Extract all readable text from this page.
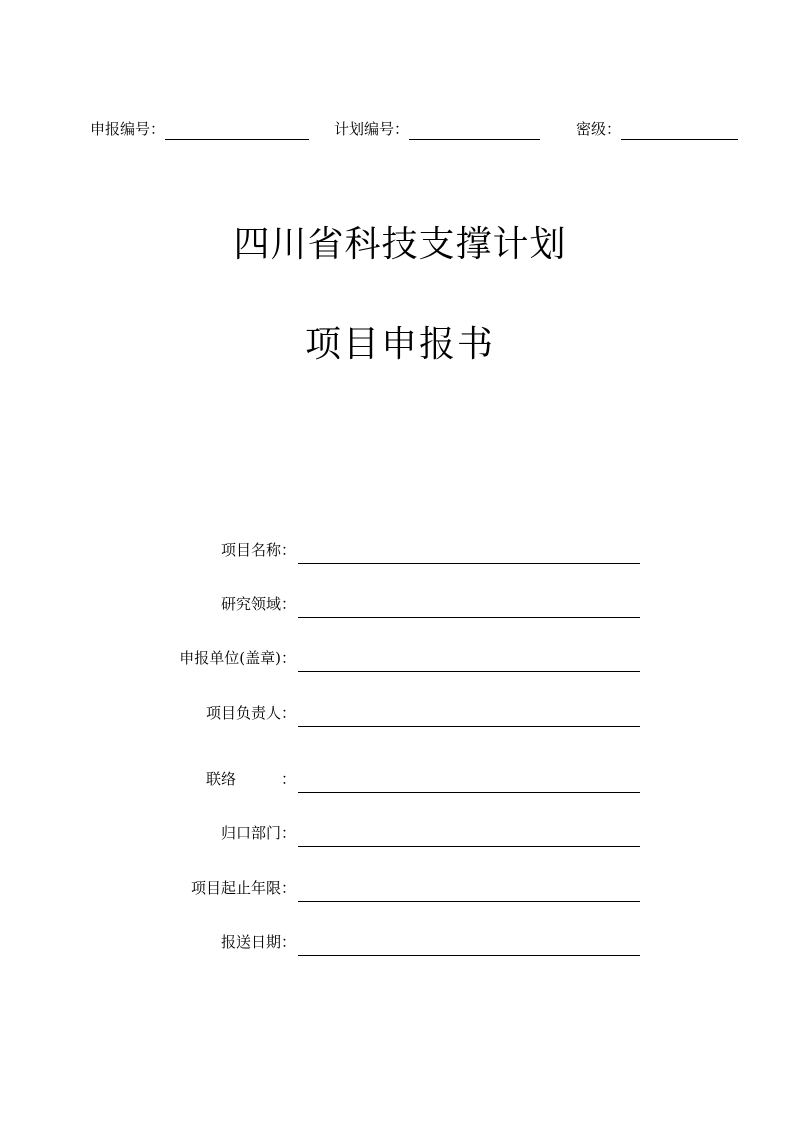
申报编号：	计划编号：	密级：
四川省科技支撑计划
项目申报书
项目名称：
研究领域：
申报单位(盖章)：
项目负责人：
联络	：
归口部门：
项目起止年限：
报送日期：
